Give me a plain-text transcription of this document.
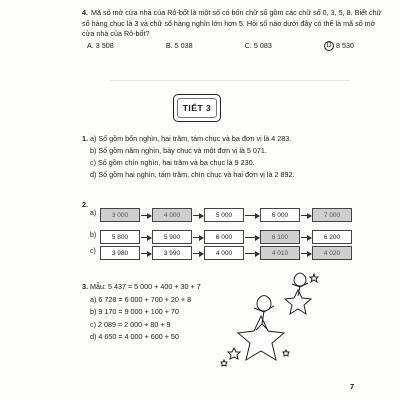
4. Mã số mở cửa nhà của Rô-bốt là một số có bốn chữ số gồm các chữ số 0, 3, 5, 8. Biết chữ số hàng chục là 3 và chữ số hàng nghìn lớn hơn 5. Hỏi số nào dưới đây có thể là mã số mở cửa nhà của Rô-bốt?
A.
3 508	B.
5 038	C.
5 083	D 8 530
TIẾT 3
1. a) Số gồm bốn nghìn, hai trăm, tám chục và ba đơn vị là 4 283.
b) Số gồm năm nghìn, bảy chục và một đơn vị là 5 071.
c) Số gồm chín nghìn, hai trăm và ba chục là 9 230.
d) Số gồm hai nghìn, tám trăm, chín chục và hai đơn vị là 2 892.
2.
a)	3 000	4 000	5 000	6 000	7 000
b)	5 800	5 900	6 000	6 100	6 200
c)	3 980	3 990	4 000	4 010	4 020
3. Mẫu: 5 437 = 5 000 + 400 + 30 + 7
a) 6 728 = 6 000 + 700 + 20 + 8
b) 9 170 = 9 000 + 100 + 70
c) 2 089 = 2 000 + 80 + 9
d) 4 650 = 4 000 + 600 + 50
7
